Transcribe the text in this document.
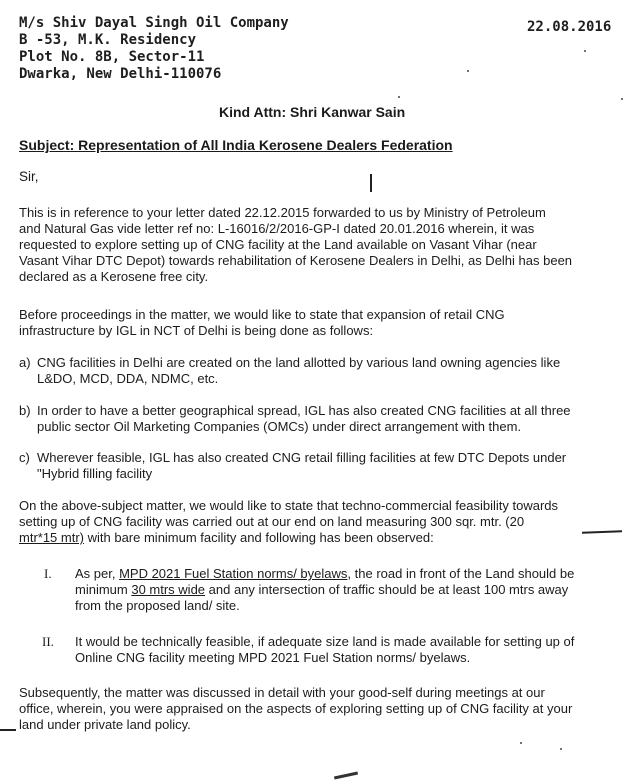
M/s Shiv Dayal Singh Oil Company
B -53, M.K. Residency
Plot No. 8B, Sector-11
Dwarka, New Delhi-110076
22.08.2016
Kind Attn: Shri Kanwar Sain
Subject: Representation of All India Kerosene Dealers Federation
Sir,
This is in reference to your letter dated 22.12.2015 forwarded to us by Ministry of Petroleum
and Natural Gas vide letter ref no: L-16016/2/2016-GP-I dated 20.01.2016 wherein, it was
requested to explore setting up of CNG facility at the Land available on Vasant Vihar (near
Vasant Vihar DTC Depot) towards rehabilitation of Kerosene Dealers in Delhi, as Delhi has been
declared as a Kerosene free city.
Before proceedings in the matter, we would like to state that expansion of retail CNG
infrastructure by IGL in NCT of Delhi is being done as follows:
a) CNG facilities in Delhi are created on the land allotted by various land owning agencies like
L&DO, MCD, DDA, NDMC, etc.
b) In order to have a better geographical spread, IGL has also created CNG facilities at all three
public sector Oil Marketing Companies (OMCs) under direct arrangement with them.
c) Wherever feasible, IGL has also created CNG retail filling facilities at few DTC Depots under
"Hybrid filling facility
On the above-subject matter, we would like to state that techno-commercial feasibility towards
setting up of CNG facility was carried out at our end on land measuring 300 sqr. mtr. (20
mtr*15 mtr) with bare minimum facility and following has been observed:
I. As per, MPD 2021 Fuel Station norms/ byelaws, the road in front of the Land should be
minimum 30 mtrs wide and any intersection of traffic should be at least 100 mtrs away
from the proposed land/ site.
II. It would be technically feasible, if adequate size land is made available for setting up of
Online CNG facility meeting MPD 2021 Fuel Station norms/ byelaws.
Subsequently, the matter was discussed in detail with your good-self during meetings at our
office, wherein, you were appraised on the aspects of exploring setting up of CNG facility at your
land under private land policy.
